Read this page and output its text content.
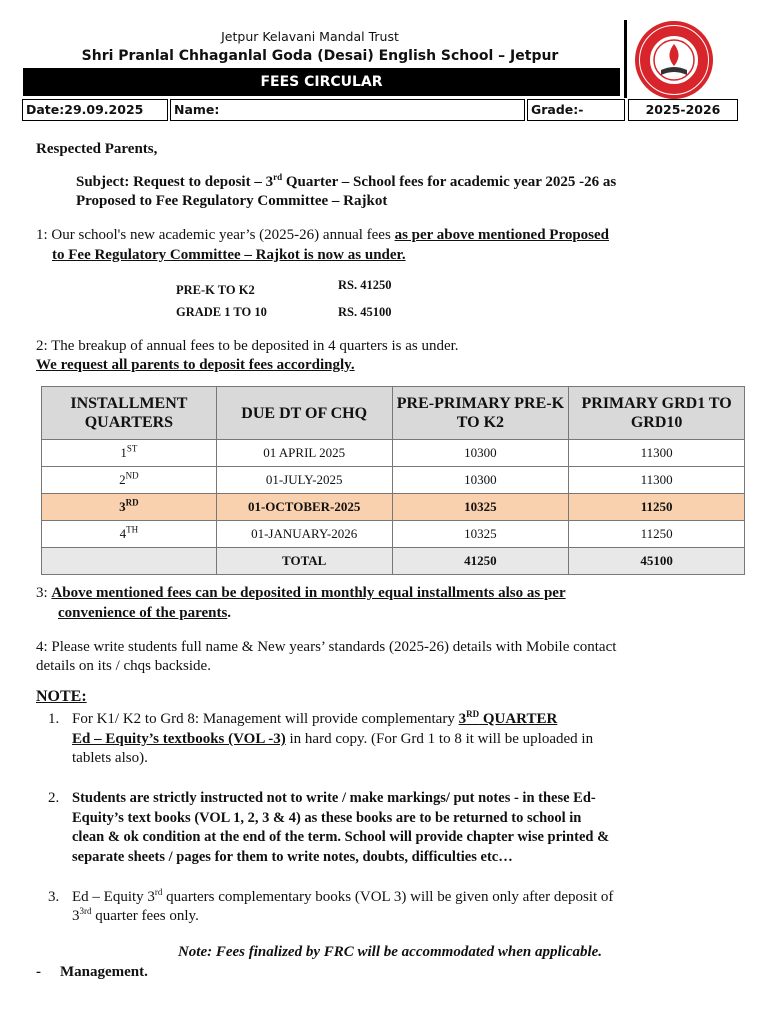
Jetpur Kelavani Mandal Trust
Shri Pranlal Chhaganlal Goda (Desai) English School – Jetpur
FEES CIRCULAR
Date:29.09.2025	Name:	Grade:-	2025-2026
Respected Parents,
Subject: Request to deposit – 3rd Quarter – School fees for academic year 2025 -26 as
Proposed to Fee Regulatory Committee – Rajkot
1: Our school's new academic year’s (2025-26) annual fees as per above mentioned Proposed
to Fee Regulatory Committee – Rajkot is now as under.
PRE-K TO K2	RS. 41250
GRADE 1 TO 10	RS. 45100
2: The breakup of annual fees to be deposited in 4 quarters is as under.
We request all parents to deposit fees accordingly.
INSTALLMENT QUARTERS	DUE DT OF CHQ	PRE-PRIMARY PRE-K TO K2	PRIMARY GRD1 TO GRD10
1ST	01 APRIL 2025	10300	11300
2ND	01-JULY-2025	10300	11300
3RD	01-OCTOBER-2025	10325	11250
4TH	01-JANUARY-2026	10325	11250
	TOTAL	41250	45100
3: Above mentioned fees can be deposited in monthly equal installments also as per
convenience of the parents.
4: Please write students full name & New years’ standards (2025-26) details with Mobile contact
details on its / chqs backside.
NOTE:
1. For K1/ K2 to Grd 8: Management will provide complementary 3RD QUARTER
Ed – Equity’s textbooks (VOL -3) in hard copy. (For Grd 1 to 8 it will be uploaded in
tablets also).
2. Students are strictly instructed not to write / make markings/ put notes - in these Ed-
Equity’s text books (VOL 1, 2, 3 & 4) as these books are to be returned to school in
clean & ok condition at the end of the term. School will provide chapter wise printed &
separate sheets / pages for them to write notes, doubts, difficulties etc…
3. Ed – Equity 3rd quarters complementary books (VOL 3) will be given only after deposit of
$3^{3rd}$ quarter fees only.
Note: Fees finalized by FRC will be accommodated when applicable.
- Management.
